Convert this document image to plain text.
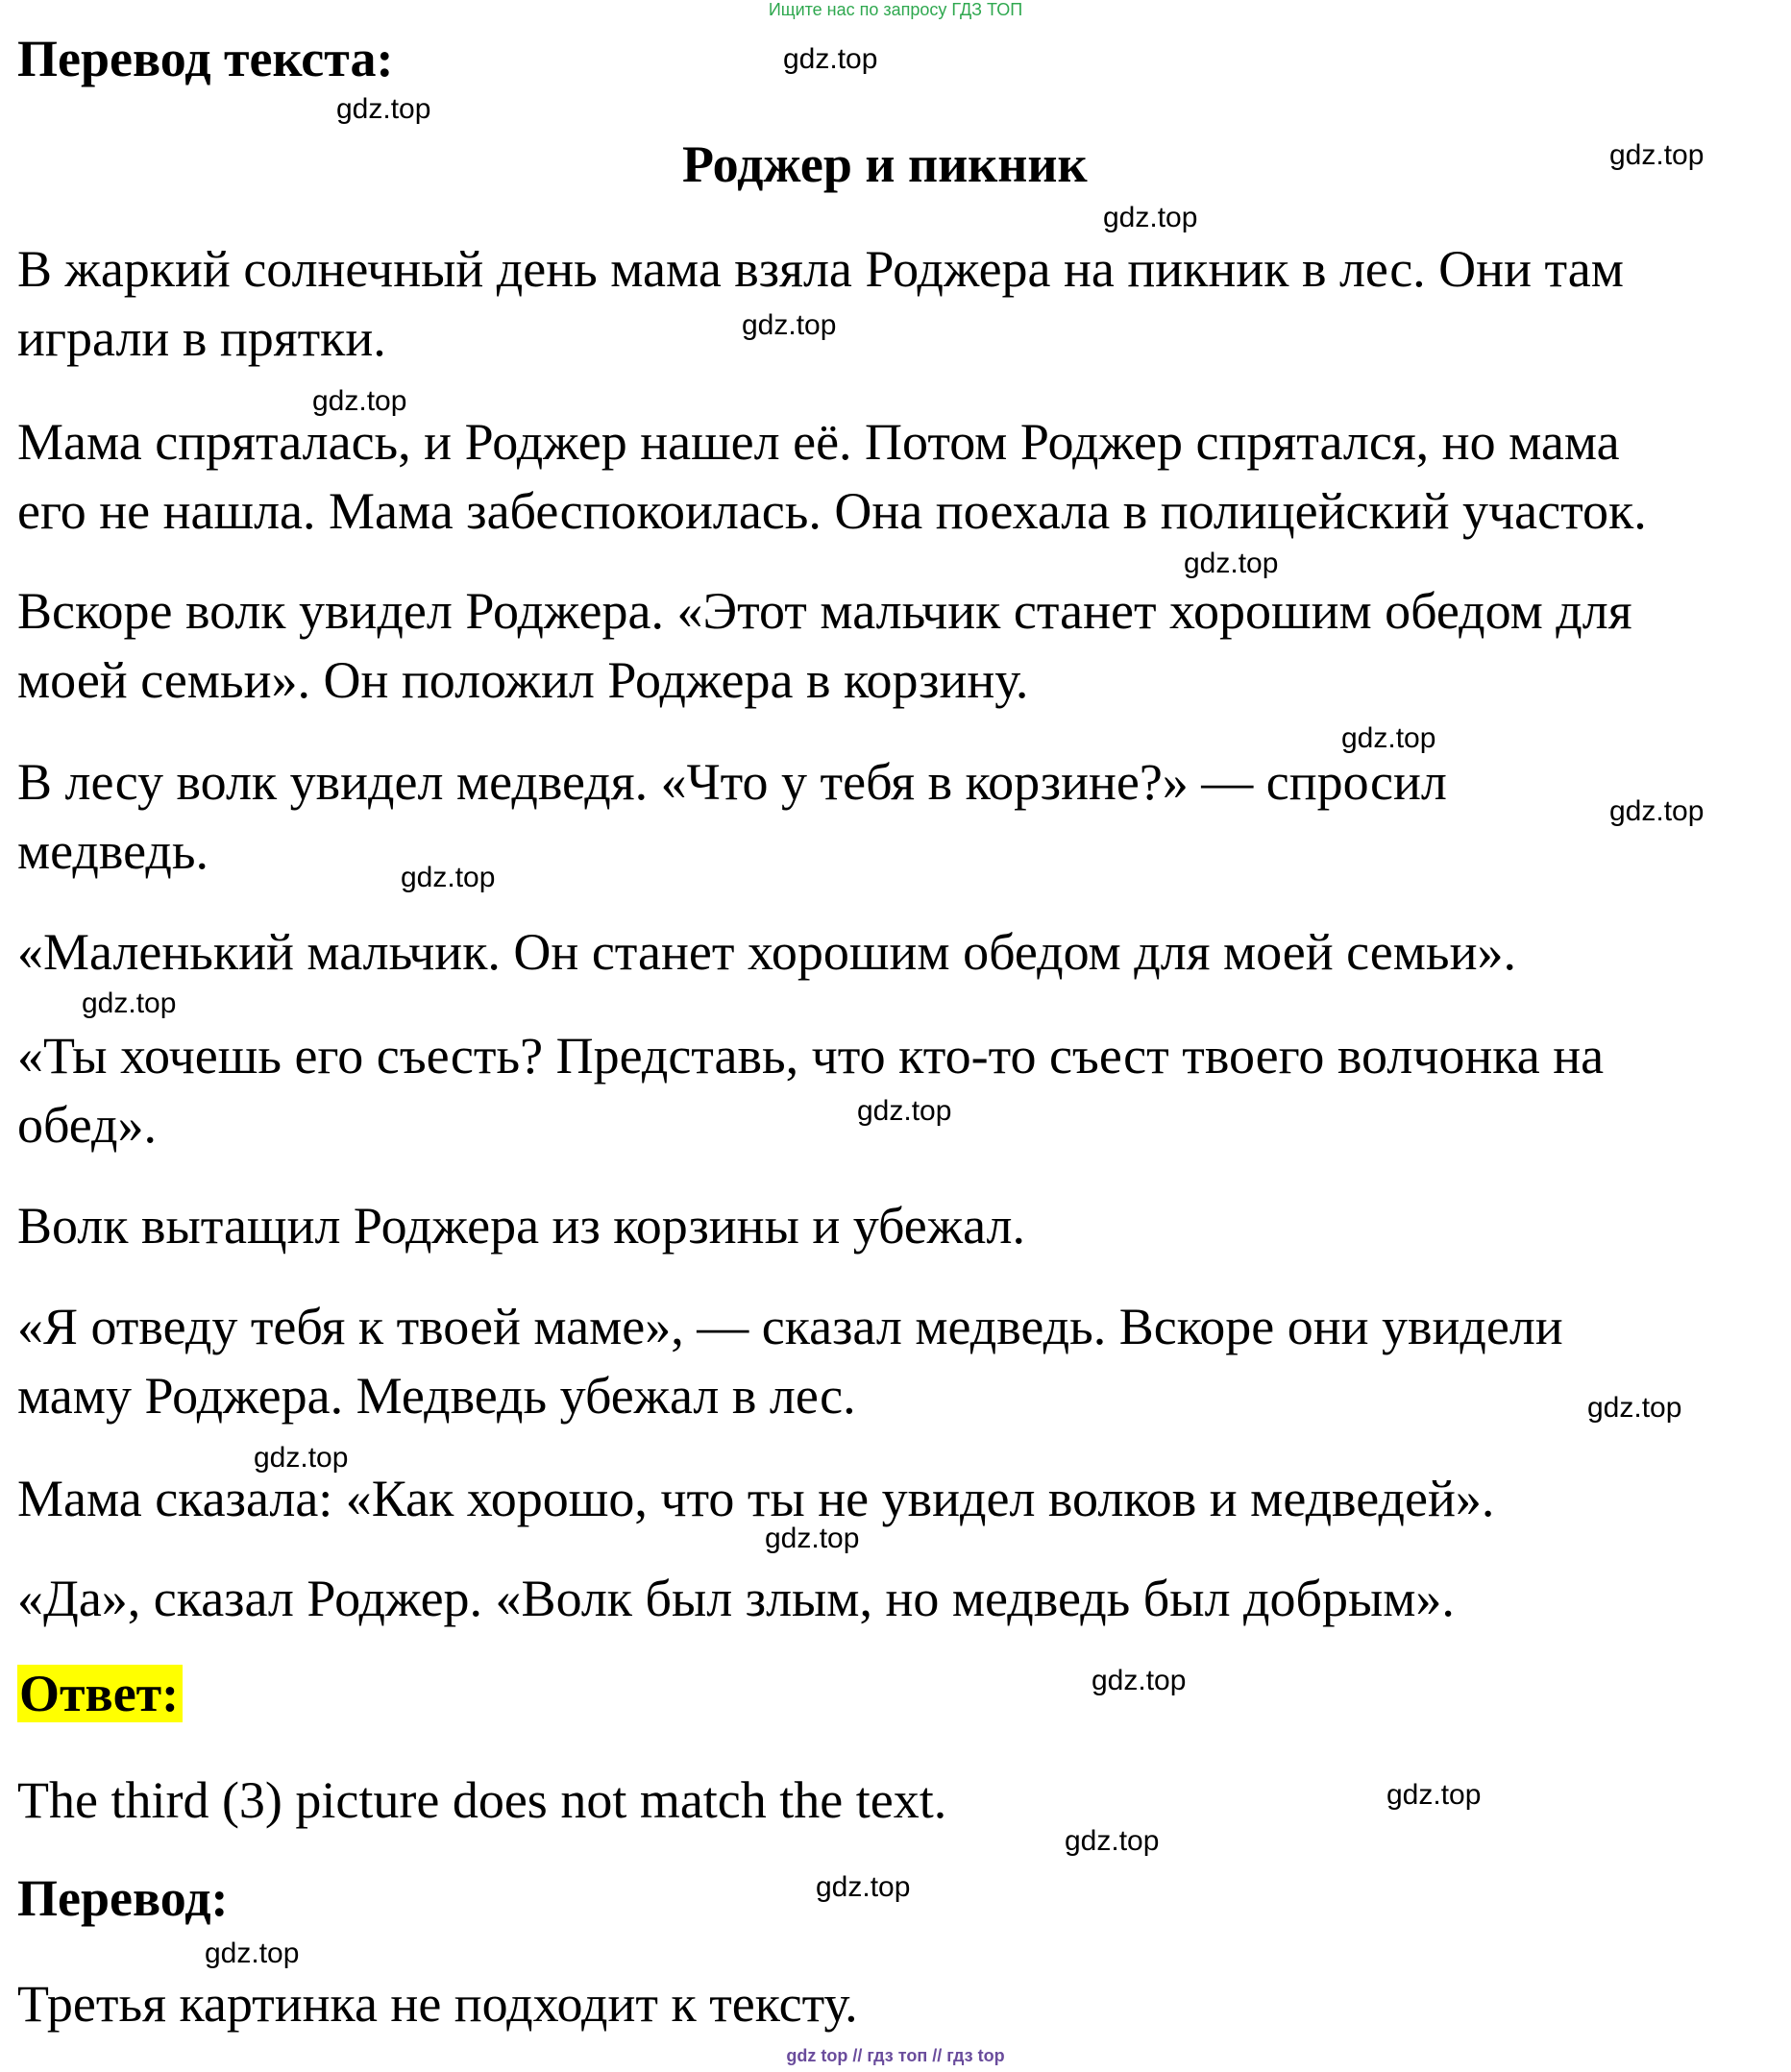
Ищите нас по запросу ГДЗ ТОП
Перевод текста:
Роджер и пикник
В жаркий солнечный день мама взяла Роджера на пикник в лес. Они там
играли в прятки.
Мама спряталась, и Роджер нашел её. Потом Роджер спрятался, но мама
его не нашла. Мама забеспокоилась. Она поехала в полицейский участок.
Вскоре волк увидел Роджера. «Этот мальчик станет хорошим обедом для
моей семьи». Он положил Роджера в корзину.
В лесу волк увидел медведя. «Что у тебя в корзине?» — спросил
медведь.
«Маленький мальчик. Он станет хорошим обедом для моей семьи».
«Ты хочешь его съесть? Представь, что кто-то съест твоего волчонка на
обед».
Волк вытащил Роджера из корзины и убежал.
«Я отведу тебя к твоей маме», — сказал медведь. Вскоре они увидели
маму Роджера. Медведь убежал в лес.
Мама сказала: «Как хорошо, что ты не увидел волков и медведей».
«Да», сказал Роджер. «Волк был злым, но медведь был добрым».
Ответ:
The third (3) picture does not match the text.
Перевод:
Третья картинка не подходит к тексту.
gdz.top
gdz.top
gdz.top
gdz.top
gdz.top
gdz.top
gdz.top
gdz.top
gdz.top
gdz.top
gdz.top
gdz.top
gdz.top
gdz.top
gdz.top
gdz.top
gdz.top
gdz.top
gdz.top
gdz.top
gdz top // гдз топ // гдз top
